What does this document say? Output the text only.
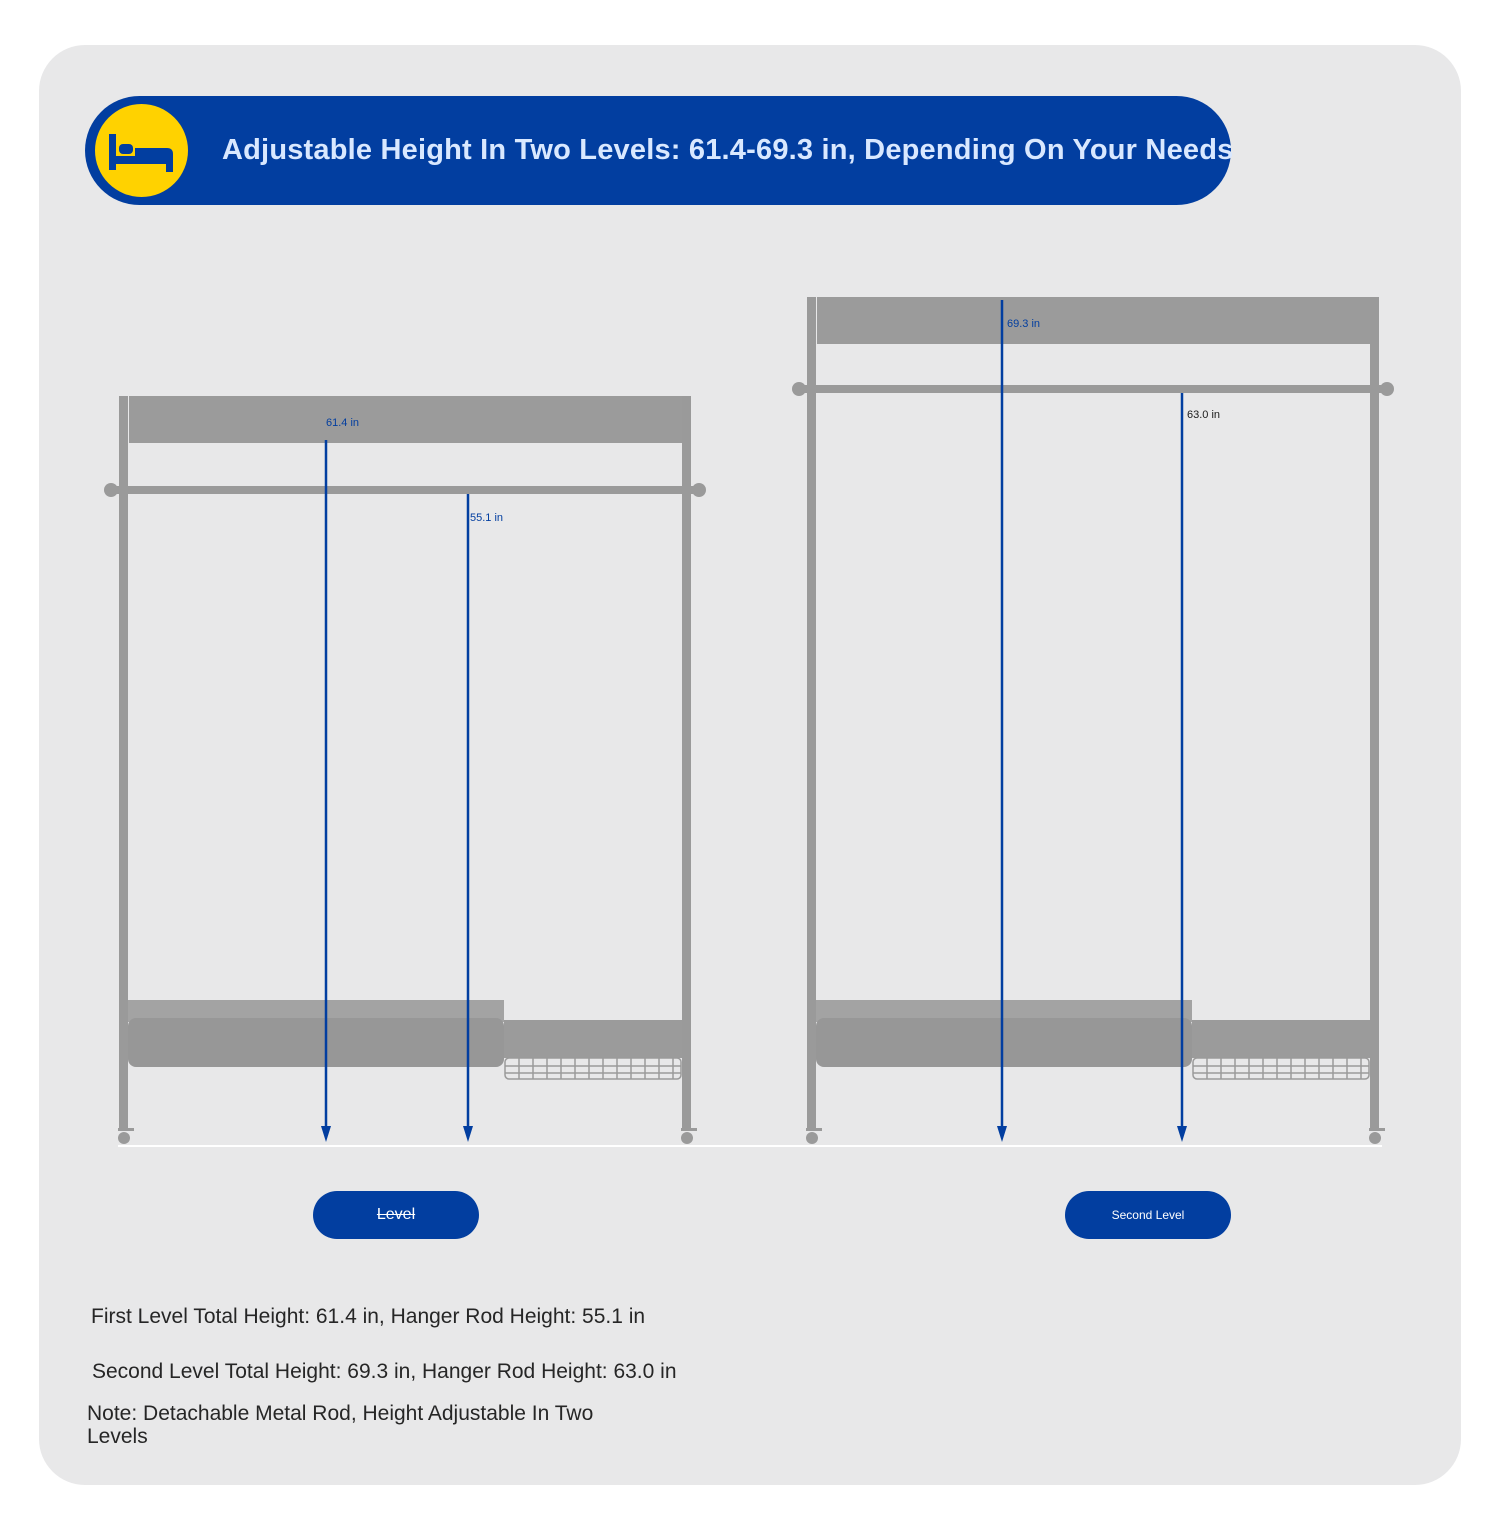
Adjustable Height In Two Levels: 61.4-69.3 in, Depending On Your Needs
61.4 in
55.1 in
69.3 in
63.0 in
Level	Second Level
First Level Total Height: 61.4 in, Hanger Rod Height: 55.1 in
Second Level Total Height: 69.3 in, Hanger Rod Height: 63.0 in
Note: Detachable Metal Rod, Height Adjustable In Two Levels
